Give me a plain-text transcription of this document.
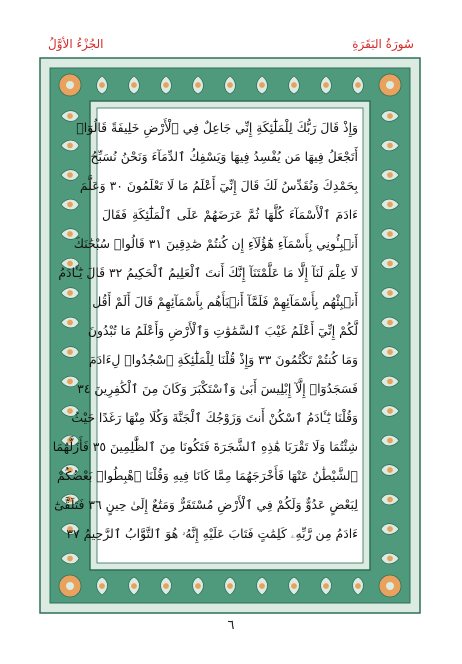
الجُزْءُ الأوَّلُ	سُورَةُ البَقَرَةِ
وَإِذْ قَالَ رَبُّكَ لِلْمَلَٰٓئِكَةِ إِنِّي جَاعِلٌ فِي ٱلْأَرْضِ خَلِيفَةً قَالُوٓا۟
أَتَجْعَلُ فِيهَا مَن يُفْسِدُ فِيهَا وَيَسْفِكُ ٱلدِّمَآءَ وَنَحْنُ نُسَبِّحُ
بِحَمْدِكَ وَنُقَدِّسُ لَكَ قَالَ إِنِّيٓ أَعْلَمُ مَا لَا تَعْلَمُونَ ٣٠ وَعَلَّمَ
ءَادَمَ ٱلْأَسْمَآءَ كُلَّهَا ثُمَّ عَرَضَهُمْ عَلَى ٱلْمَلَٰٓئِكَةِ فَقَالَ
أَنۢبِـُٔونِي بِأَسْمَآءِ هَٰٓؤُلَآءِ إِن كُنتُمْ صَٰدِقِينَ ٣١ قَالُوا۟ سُبْحَٰنَكَ
لَا عِلْمَ لَنَآ إِلَّا مَا عَلَّمْتَنَآ إِنَّكَ أَنتَ ٱلْعَلِيمُ ٱلْحَكِيمُ ٣٢ قَالَ يَٰٓـَٔادَمُ
أَنۢبِئْهُم بِأَسْمَآئِهِمْ فَلَمَّآ أَنۢبَأَهُم بِأَسْمَآئِهِمْ قَالَ أَلَمْ أَقُل
لَّكُمْ إِنِّيٓ أَعْلَمُ غَيْبَ ٱلسَّمَٰوَٰتِ وَٱلْأَرْضِ وَأَعْلَمُ مَا تُبْدُونَ
وَمَا كُنتُمْ تَكْتُمُونَ ٣٣ وَإِذْ قُلْنَا لِلْمَلَٰٓئِكَةِ ٱسْجُدُوا۟ لِءَادَمَ
فَسَجَدُوٓا۟ إِلَّآ إِبْلِيسَ أَبَىٰ وَٱسْتَكْبَرَ وَكَانَ مِنَ ٱلْكَٰفِرِينَ ٣٤
وَقُلْنَا يَٰٓـَٔادَمُ ٱسْكُنْ أَنتَ وَزَوْجُكَ ٱلْجَنَّةَ وَكُلَا مِنْهَا رَغَدًا حَيْثُ
شِئْتُمَا وَلَا تَقْرَبَا هَٰذِهِ ٱلشَّجَرَةَ فَتَكُونَا مِنَ ٱلظَّٰلِمِينَ ٣٥ فَأَزَلَّهُمَا
ٱلشَّيْطَٰنُ عَنْهَا فَأَخْرَجَهُمَا مِمَّا كَانَا فِيهِ وَقُلْنَا ٱهْبِطُوا۟ بَعْضُكُمْ
لِبَعْضٍ عَدُوٌّ وَلَكُمْ فِي ٱلْأَرْضِ مُسْتَقَرٌّ وَمَتَٰعٌ إِلَىٰ حِينٍ ٣٦ فَتَلَقَّىٰٓ
ءَادَمُ مِن رَّبِّهِۦ كَلِمَٰتٍ فَتَابَ عَلَيْهِ إِنَّهُۥ هُوَ ٱلتَّوَّابُ ٱلرَّحِيمُ ٣٧
٦
